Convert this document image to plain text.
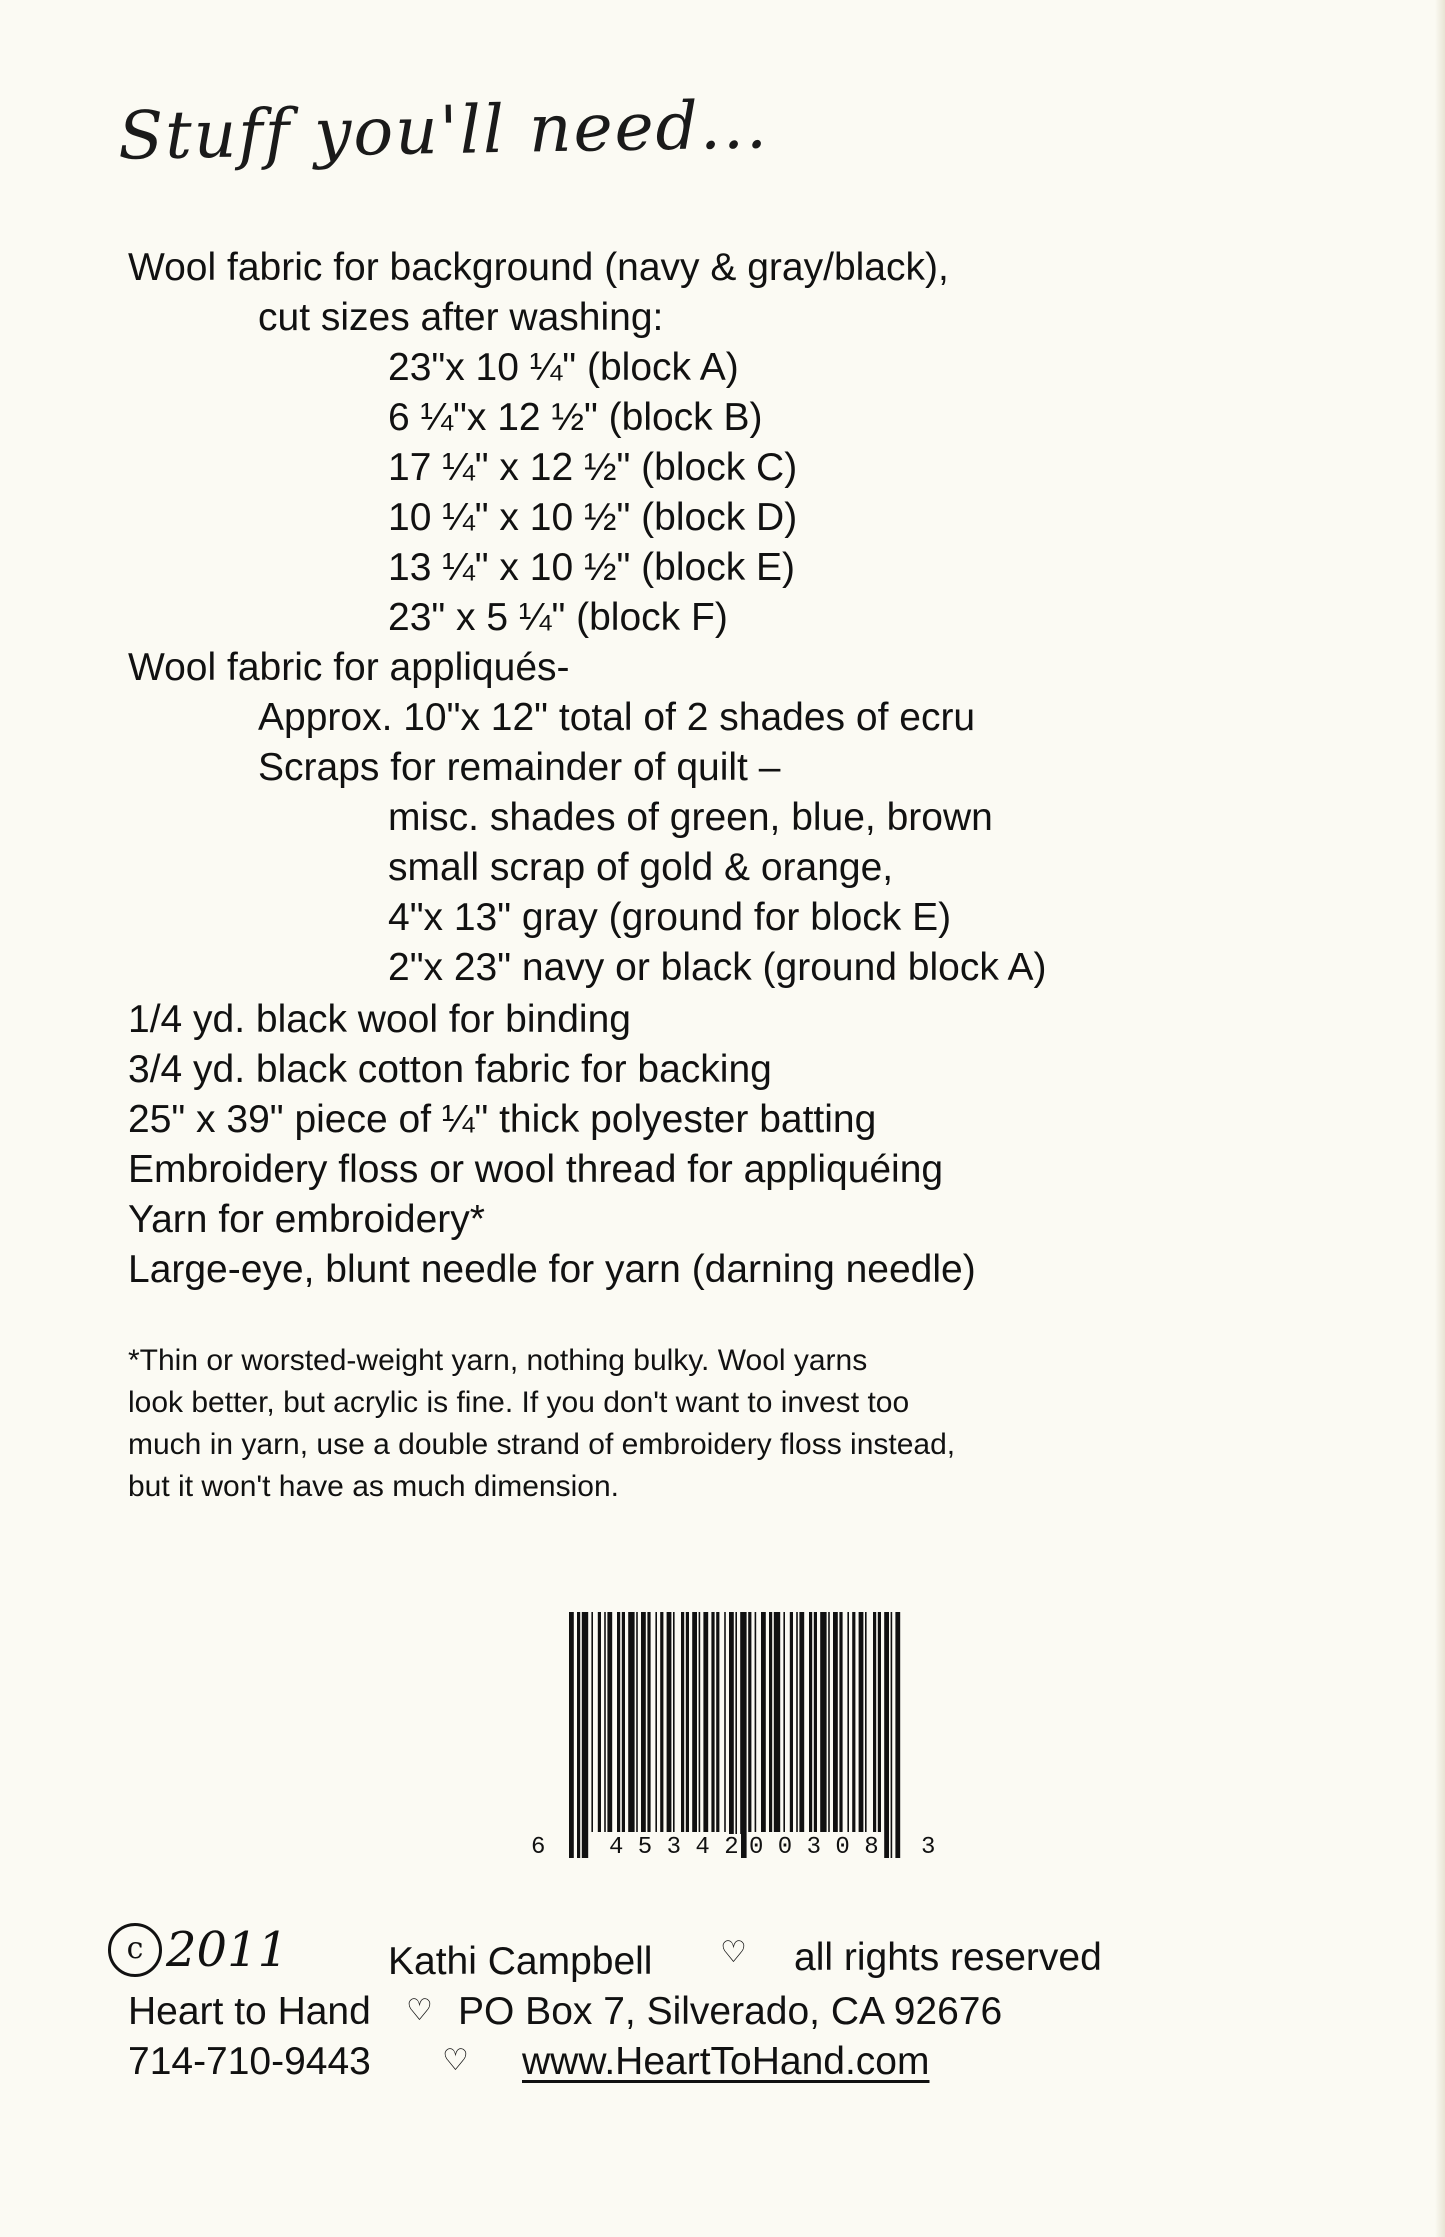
Stuff you'll need...
Wool fabric for background (navy & gray/black),
cut sizes after washing:
23"x 10 ¼" (block A)
6 ¼"x 12 ½" (block B)
17 ¼" x 12 ½" (block C)
10 ¼" x 10 ½" (block D)
13 ¼" x 10 ½" (block E)
23" x 5 ¼" (block F)
Wool fabric for appliqués-
Approx. 10"x 12" total of 2 shades of ecru
Scraps for remainder of quilt –
misc. shades of green, blue, brown
small scrap of gold & orange,
4"x 13" gray (ground for block E)
2"x 23" navy or black (ground block A)
1/4 yd. black wool for binding
3/4 yd. black cotton fabric for backing
25" x 39" piece of ¼" thick polyester batting
Embroidery floss or wool thread for appliquéing
Yarn for embroidery*
Large-eye, blunt needle for yarn (darning needle)
*Thin or worsted-weight yarn, nothing bulky. Wool yarns
look better, but acrylic is fine. If you don't want to invest too
much in yarn, use a double strand of embroidery floss instead,
but it won't have as much dimension.
6	4 5 3 4 2 0 0 3 0 8 3
c 2011	Kathi Campbell ♡ all rights reserved
Heart to Hand ♡ PO Box 7, Silverado, CA 92676
714-710-9443 ♡ www.HeartToHand.com
